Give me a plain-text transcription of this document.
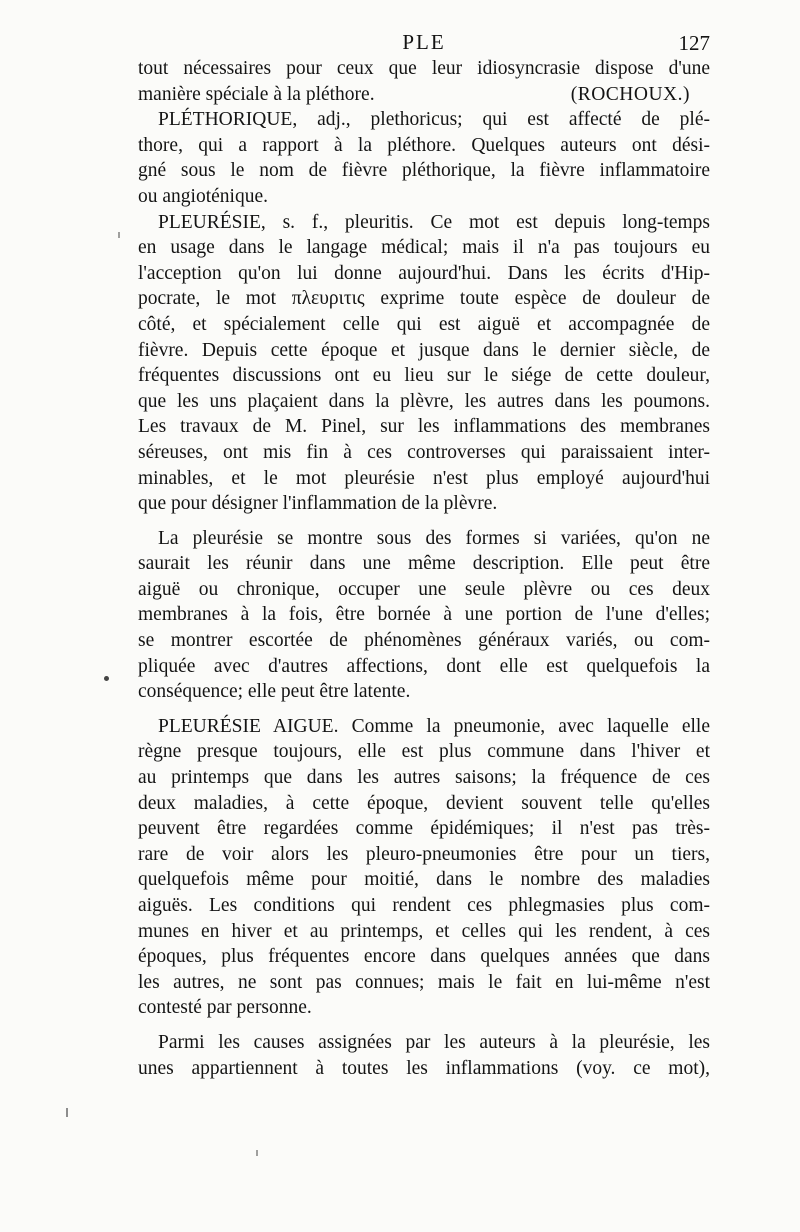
PLE	127
tout nécessaires pour ceux que leur idiosyncrasie dispose d'une
manière spéciale à la pléthore.	(ROCHOUX.)
PLÉTHORIQUE, adj., plethoricus; qui est affecté de plé-
thore, qui a rapport à la pléthore. Quelques auteurs ont dési-
gné sous le nom de fièvre pléthorique, la fièvre inflammatoire
ou angioténique.
PLEURÉSIE, s. f., pleuritis. Ce mot est depuis long-temps
en usage dans le langage médical; mais il n'a pas toujours eu
l'acception qu'on lui donne aujourd'hui. Dans les écrits d'Hip-
pocrate, le mot πλευριτις exprime toute espèce de douleur de
côté, et spécialement celle qui est aiguë et accompagnée de
fièvre. Depuis cette époque et jusque dans le dernier siècle, de
fréquentes discussions ont eu lieu sur le siége de cette douleur,
que les uns plaçaient dans la plèvre, les autres dans les poumons.
Les travaux de M. Pinel, sur les inflammations des membranes
séreuses, ont mis fin à ces controverses qui paraissaient inter-
minables, et le mot pleurésie n'est plus employé aujourd'hui
que pour désigner l'inflammation de la plèvre.
La pleurésie se montre sous des formes si variées, qu'on ne
saurait les réunir dans une même description. Elle peut être
aiguë ou chronique, occuper une seule plèvre ou ces deux
membranes à la fois, être bornée à une portion de l'une d'elles;
se montrer escortée de phénomènes généraux variés, ou com-
pliquée avec d'autres affections, dont elle est quelquefois la
conséquence; elle peut être latente.
PLEURÉSIE AIGUE. Comme la pneumonie, avec laquelle elle
règne presque toujours, elle est plus commune dans l'hiver et
au printemps que dans les autres saisons; la fréquence de ces
deux maladies, à cette époque, devient souvent telle qu'elles
peuvent être regardées comme épidémiques; il n'est pas très-
rare de voir alors les pleuro-pneumonies être pour un tiers,
quelquefois même pour moitié, dans le nombre des maladies
aiguës. Les conditions qui rendent ces phlegmasies plus com-
munes en hiver et au printemps, et celles qui les rendent, à ces
époques, plus fréquentes encore dans quelques années que dans
les autres, ne sont pas connues; mais le fait en lui-même n'est
contesté par personne.
Parmi les causes assignées par les auteurs à la pleurésie, les
unes appartiennent à toutes les inflammations (voy. ce mot),
